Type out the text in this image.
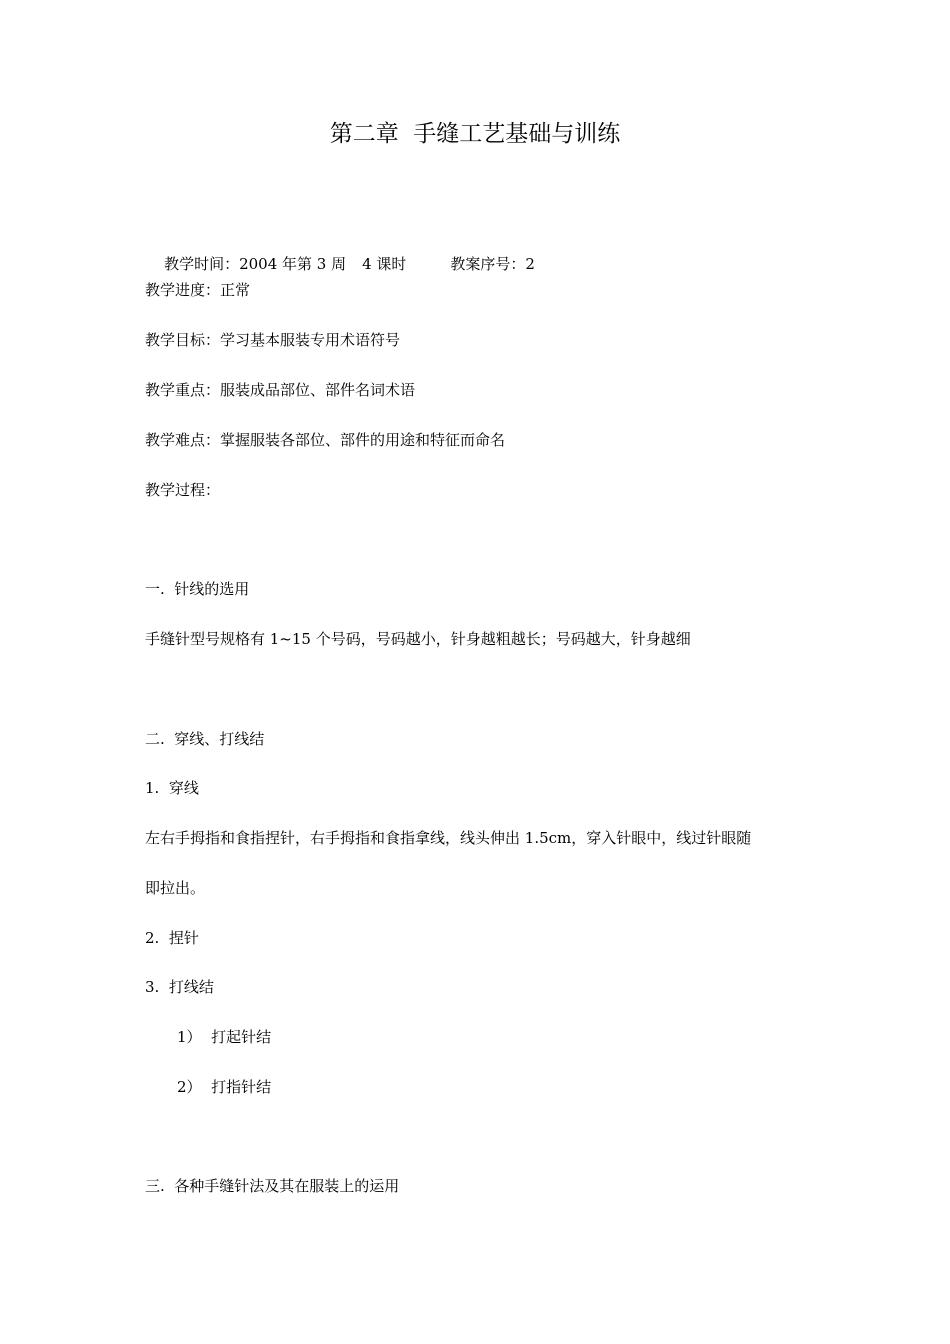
第二章  手缝工艺基础与训练

教学时间：2004 年第 3 周 4 课时	教案序号：2

教学进度：正常
教学目标：学习基本服装专用术语符号
教学重点：服装成品部位、部件名词术语
教学难点：掌握服装各部位、部件的用途和特征而命名
教学过程：
一.  针线的选用
手缝针型号规格有 1~15 个号码，号码越小，针身越粗越长；号码越大，针身越细
二.  穿线、打线结
1.  穿线
左右手拇指和食指捏针，右手拇指和食指拿线，线头伸出 1.5cm，穿入针眼中，线过针眼随
即拉出。
2.  捏针
3.  打线结
1）  打起针结
2）  打指针结
三.  各种手缝针法及其在服装上的运用
